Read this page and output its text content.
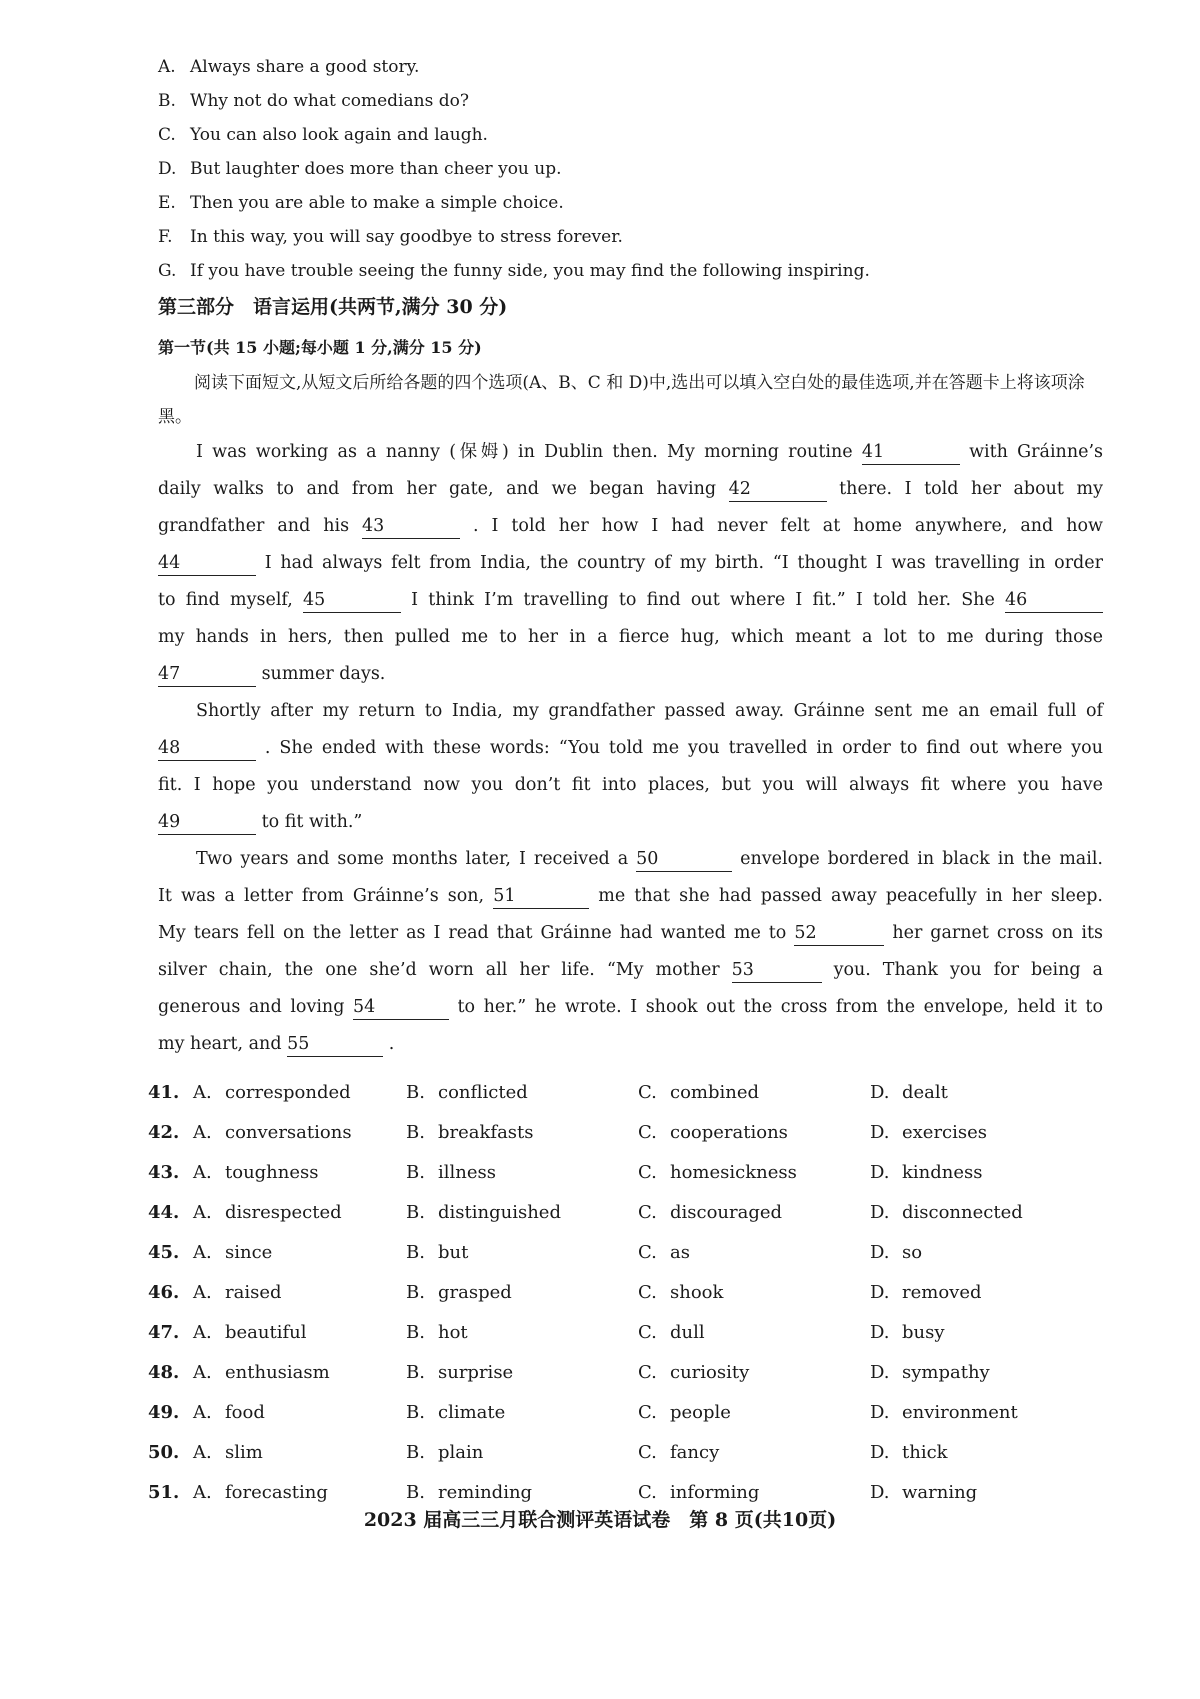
A. Always share a good story.
B. Why not do what comedians do?
C. You can also look again and laugh.
D. But laughter does more than cheer you up.
E. Then you are able to make a simple choice.
F. In this way, you will say goodbye to stress forever.
G. If you have trouble seeing the funny side, you may find the following inspiring.
第三部分　语言运用(共两节,满分 30 分)
第一节(共 15 小题;每小题 1 分,满分 15 分)
阅读下面短文,从短文后所给各题的四个选项(A、B、C 和 D)中,选出可以填入空白处的最佳选项,并在答题卡上将该项涂黑。
I was working as a nanny (保姆) in Dublin then. My morning routine 41	with Gráinne’s
daily walks to and from her gate, and we began having 42	there. I told her about my
grandfather and his 43	. I told her how I had never felt at home anywhere, and how
44	I had always felt from India, the country of my birth. “I thought I was travelling in order
to find myself, 45	I think I’m travelling to find out where I fit.” I told her. She 46
my hands in hers, then pulled me to her in a fierce hug, which meant a lot to me during those
47	summer days.
Shortly after my return to India, my grandfather passed away. Gráinne sent me an email full of
48	. She ended with these words: “You told me you travelled in order to find out where you
fit. I hope you understand now you don’t fit into places, but you will always fit where you have
49	to fit with.”
Two years and some months later, I received a 50	envelope bordered in black in the mail.
It was a letter from Gráinne’s son, 51	me that she had passed away peacefully in her sleep.
My tears fell on the letter as I read that Gráinne had wanted me to 52	her garnet cross on its
silver chain, the one she’d worn all her life. “My mother 53	you. Thank you for being a
generous and loving 54	to her.” he wrote. I shook out the cross from the envelope, held it to
my heart, and 55	.
41. A. corresponded	B. conflicted	C. combined	D. dealt
42. A. conversations	B. breakfasts	C. cooperations	D. exercises
43. A. toughness	B. illness	C. homesickness	D. kindness
44. A. disrespected	B. distinguished	C. discouraged	D. disconnected
45. A. since	B. but	C. as	D. so
46. A. raised	B. grasped	C. shook	D. removed
47. A. beautiful	B. hot	C. dull	D. busy
48. A. enthusiasm	B. surprise	C. curiosity	D. sympathy
49. A. food	B. climate	C. people	D. environment
50. A. slim	B. plain	C. fancy	D. thick
51. A. forecasting	B. reminding	C. informing	D. warning
2023 届高三三月联合测评英语试卷　第 8 页(共10页)
